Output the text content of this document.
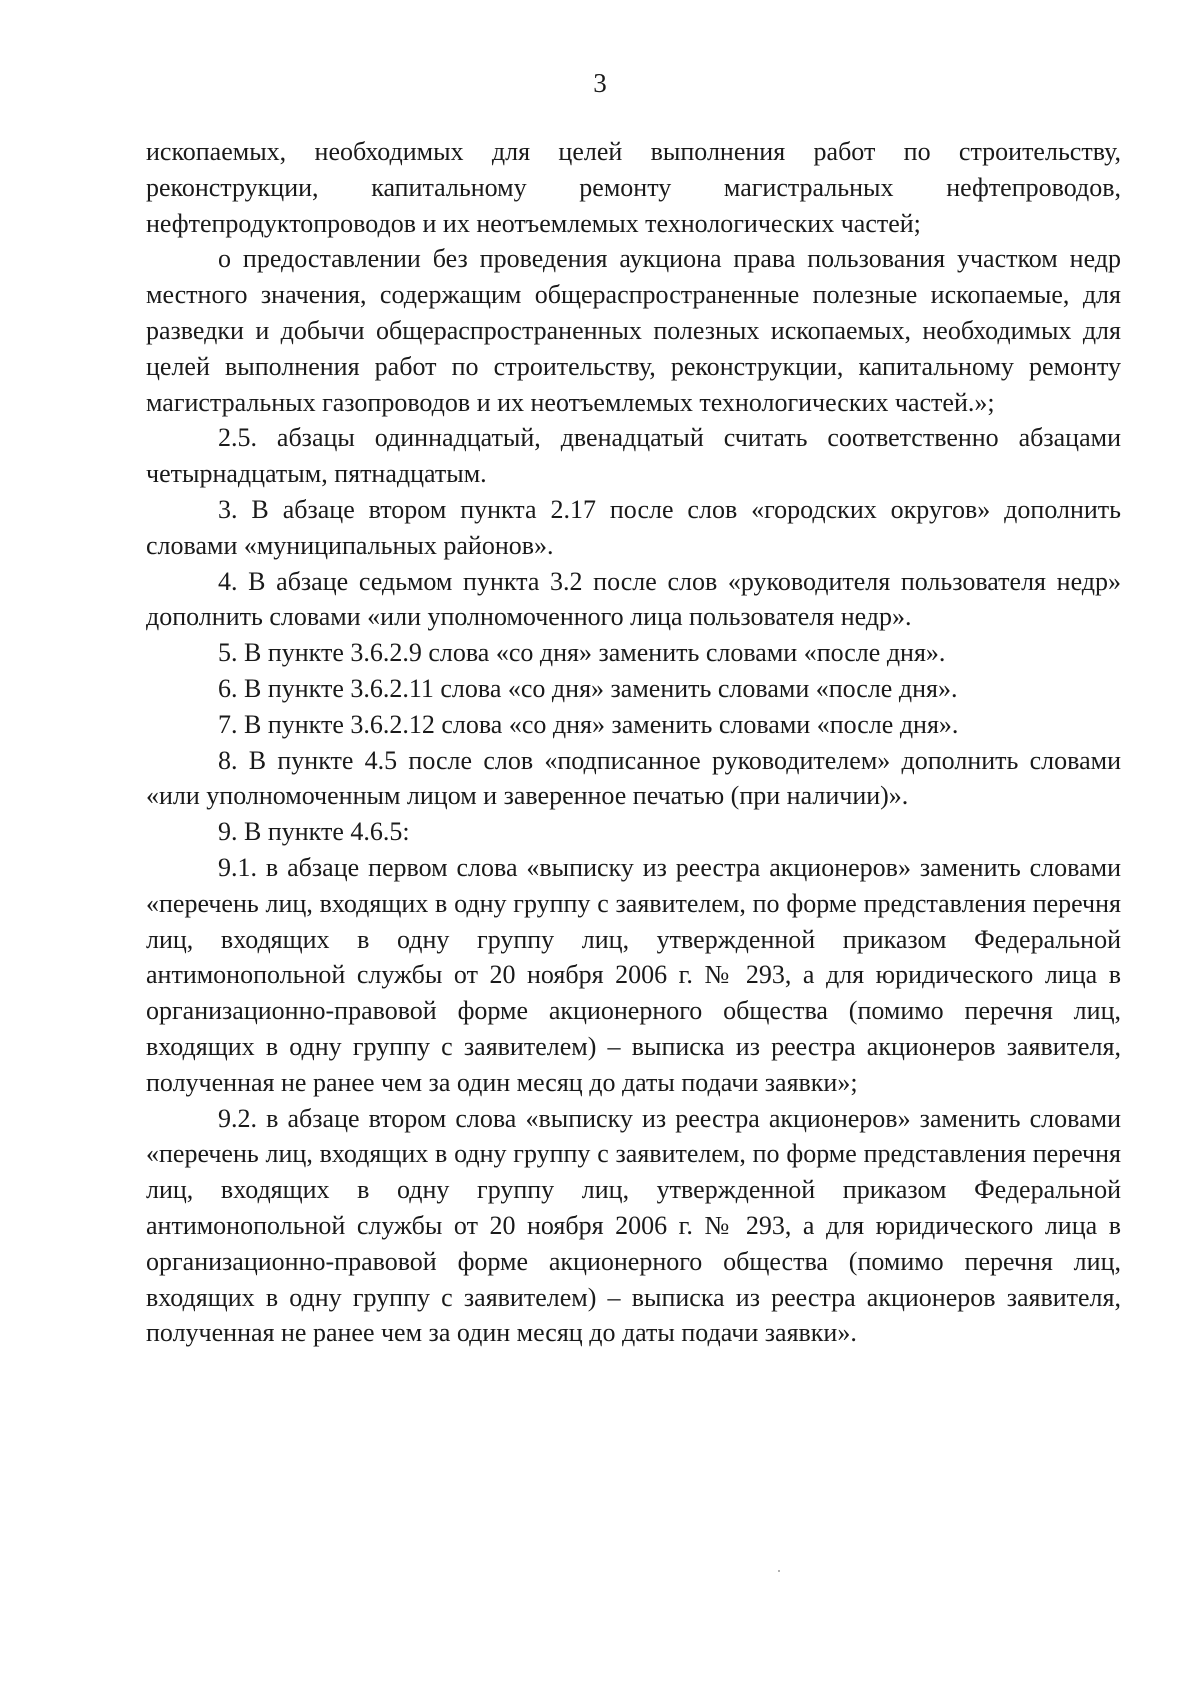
3

ископаемых, необходимых для целей выполнения работ по строительству, реконструкции, капитальному ремонту магистральных нефтепроводов, нефтепродуктопроводов и их неотъемлемых технологических частей;

о предоставлении без проведения аукциона права пользования участком недр местного значения, содержащим общераспространенные полезные ископаемые, для разведки и добычи общераспространенных полезных ископаемых, необходимых для целей выполнения работ по строительству, реконструкции, капитальному ремонту магистральных газопроводов и их неотъемлемых технологических частей.»;

2.5. абзацы одиннадцатый, двенадцатый считать соответственно абзацами четырнадцатым, пятнадцатым.

3. В абзаце втором пункта 2.17 после слов «городских округов» дополнить словами «муниципальных районов».

4. В абзаце седьмом пункта 3.2 после слов «руководителя пользователя недр» дополнить словами «или уполномоченного лица пользователя недр».

5. В пункте 3.6.2.9 слова «со дня» заменить словами «после дня».

6. В пункте 3.6.2.11 слова «со дня» заменить словами «после дня».

7. В пункте 3.6.2.12 слова «со дня» заменить словами «после дня».

8. В пункте 4.5 после слов «подписанное руководителем» дополнить словами «или уполномоченным лицом и заверенное печатью (при наличии)».

9. В пункте 4.6.5:

9.1. в абзаце первом слова «выписку из реестра акционеров» заменить словами «перечень лиц, входящих в одну группу с заявителем, по форме представления перечня лиц, входящих в одну группу лиц, утвержденной приказом Федеральной антимонопольной службы от 20 ноября 2006 г. № 293, а для юридического лица в организационно-правовой форме акционерного общества (помимо перечня лиц, входящих в одну группу с заявителем) – выписка из реестра акционеров заявителя, полученная не ранее чем за один месяц до даты подачи заявки»;

9.2. в абзаце втором слова «выписку из реестра акционеров» заменить словами «перечень лиц, входящих в одну группу с заявителем, по форме представления перечня лиц, входящих в одну группу лиц, утвержденной приказом Федеральной антимонопольной службы от 20 ноября 2006 г. № 293, а для юридического лица в организационно-правовой форме акционерного общества (помимо перечня лиц, входящих в одну группу с заявителем) – выписка из реестра акционеров заявителя, полученная не ранее чем за один месяц до даты подачи заявки».
